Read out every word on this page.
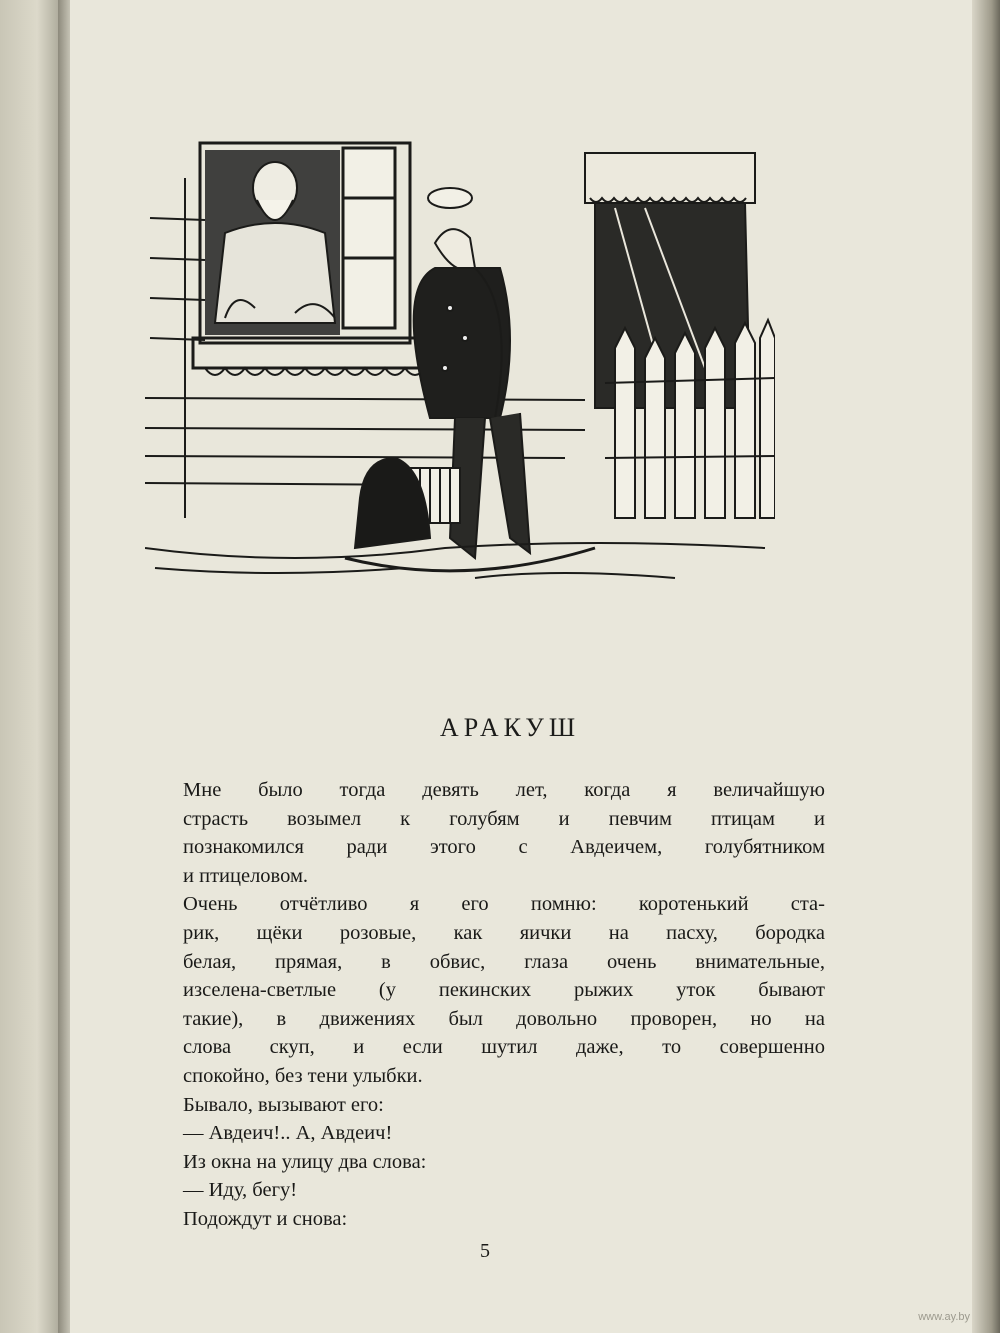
АРАКУШ
Мне было тогда девять лет, когда я величайшую
страсть возымел к голубям и певчим птицам и
познакомился ради этого с Авдеичем, голубятником
и птицеловом.
Очень отчётливо я его помню: коротенький ста-
рик, щёки розовые, как яички на пасху, бородка
белая, прямая, в обвис, глаза очень внимательные,
изселена-светлые (у пекинских рыжих уток бывают
такие), в движениях был довольно проворен, но на
слова скуп, и если шутил даже, то совершенно
спокойно, без тени улыбки.
Бывало, вызывают его:
— Авдеич!.. А, Авдеич!
Из окна на улицу два слова:
— Иду, бегу!
Подождут и снова:
5
www.ay.by
